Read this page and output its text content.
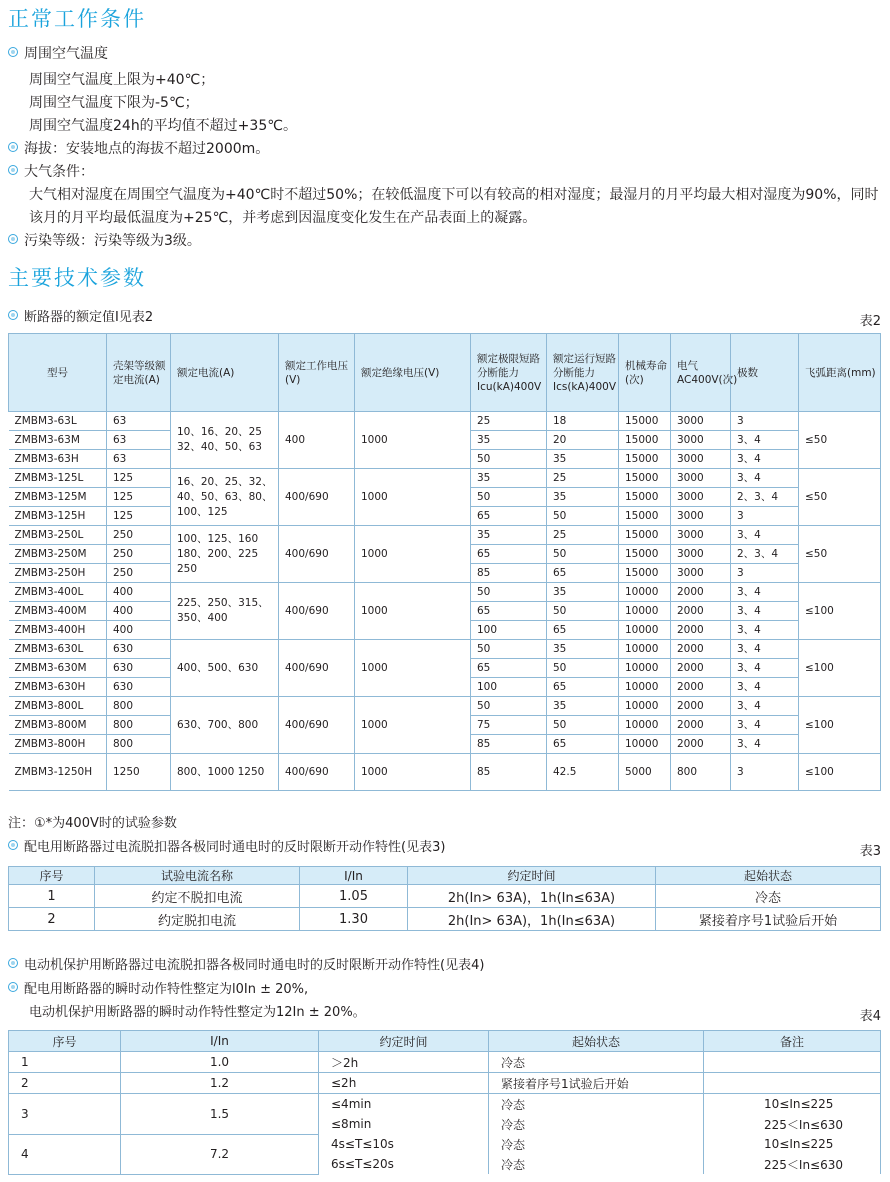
正常工作条件
周围空气温度
周围空气温度上限为+40℃；
周围空气温度下限为-5℃；
周围空气温度24h的平均值不超过+35℃。
海拔：安装地点的海拔不超过2000m。
大气条件：
大气相对湿度在周围空气温度为+40℃时不超过50%；在较低温度下可以有较高的相对湿度；最湿月的月平均最大相对湿度为90%，同时该月的月平均最低温度为+25℃，并考虑到因温度变化发生在产品表面上的凝露。
污染等级：污染等级为3级。
主要技术参数
断路器的额定值I见表2	表2
型号	壳架等级额定电流(A)	额定电流(A)	额定工作电压(V)	额定绝缘电压(V)	额定极限短路分断能力Icu(kA)400V	额定运行短路分断能力Ics(kA)400V	机械寿命(次)	电气AC400V(次)	极数	飞弧距离(mm)
ZMBM3-63L	63	10、16、20、25 32、40、50、63	400	1000	25	18	15000	3000	3	≤50
ZMBM3-63M	63				35	20	15000	3000	3、4	
ZMBM3-63H	63				50	35	15000	3000	3、4	
ZMBM3-125L	125	16、20、25、32、40、50、63、80、100、125	400/690	1000	35	25	15000	3000	3、4	≤50
ZMBM3-125M	125				50	35	15000	3000	2、3、4	
ZMBM3-125H	125				65	50	15000	3000	3	
ZMBM3-250L	250	100、125、160 180、200、225 250	400/690	1000	35	25	15000	3000	3、4	≤50
ZMBM3-250M	250				65	50	15000	3000	2、3、4	
ZMBM3-250H	250				85	65	15000	3000	3	
ZMBM3-400L	400	225、250、315、350、400	400/690	1000	50	35	10000	2000	3、4	≤100
ZMBM3-400M	400				65	50	10000	2000	3、4	
ZMBM3-400H	400				100	65	10000	2000	3、4	
ZMBM3-630L	630	400、500、630	400/690	1000	50	35	10000	2000	3、4	≤100
ZMBM3-630M	630				65	50	10000	2000	3、4	
ZMBM3-630H	630				100	65	10000	2000	3、4	
ZMBM3-800L	800	630、700、800	400/690	1000	50	35	10000	2000	3、4	≤100
ZMBM3-800M	800				75	50	10000	2000	3、4	
ZMBM3-800H	800				85	65	10000	2000	3、4	
ZMBM3-1250H	1250	800、1000 1250	400/690	1000	85	42.5	5000	800	3	≤100
注：①*为400V时的试验参数
配电用断路器过电流脱扣器各极同时通电时的反时限断开动作特性(见表3)	表3
序号	试验电流名称	I/In	约定时间	起始状态
1	约定不脱扣电流	1.05	2h(In> 63A)，1h(In≤63A)	冷态
2	约定脱扣电流	1.30	2h(In> 63A)，1h(In≤63A)	紧接着序号1试验后开始
电动机保护用断路器过电流脱扣器各极同时通电时的反时限断开动作特性(见表4)
配电用断路器的瞬时动作特性整定为l0In ± 20%,
电动机保护用断路器的瞬时动作特性整定为12In ± 20%。	表4
序号	I/In	约定时间	起始状态	备注
1	1.0	＞2h	冷态	
2	1.2	≤2h	紧接着序号1试验后开始	
3	1.5	≤4min	冷态	10≤In≤225
		≤8min	冷态	225＜In≤630
4	7.2	4s≤T≤10s	冷态	10≤In≤225
		6s≤T≤20s	冷态	225＜In≤630
